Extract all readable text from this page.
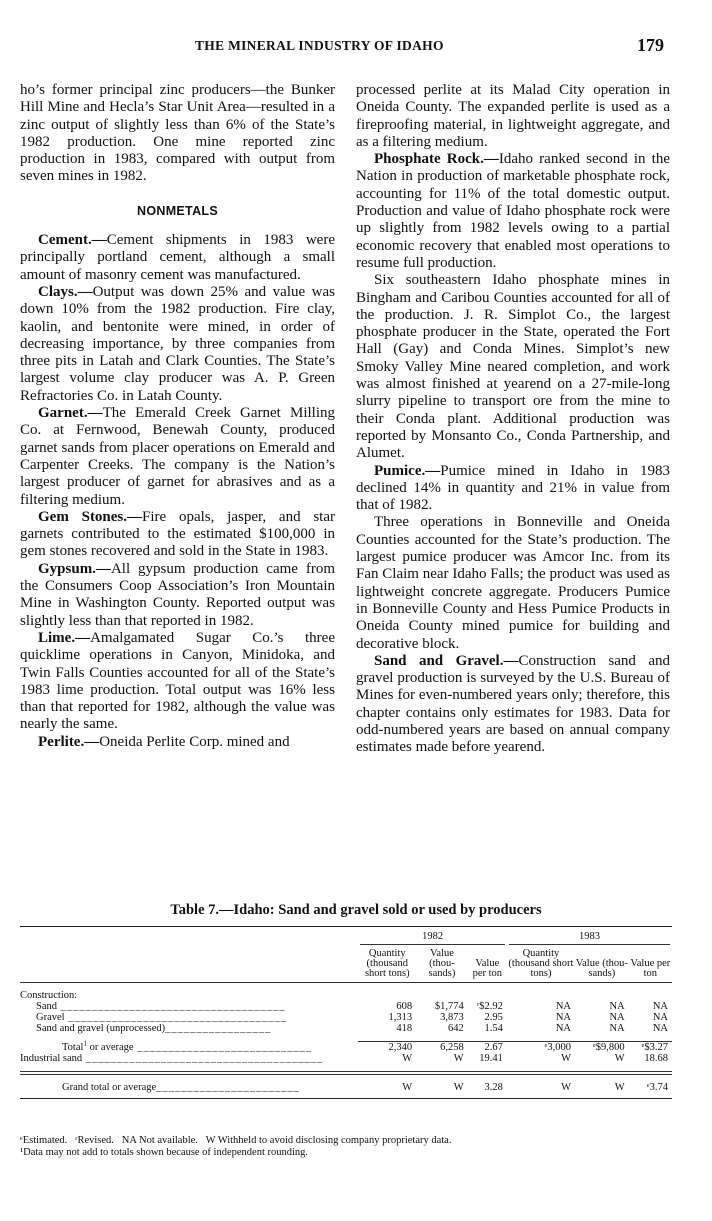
THE MINERAL INDUSTRY OF IDAHO	179

ho’s former principal zinc producers—the Bunker Hill Mine and Hecla’s Star Unit Area—resulted in a zinc output of slightly less than 6% of the State’s 1982 production. One mine reported zinc production in 1983, compared with output from seven mines in 1982.

NONMETALS

Cement.—Cement shipments in 1983 were principally portland cement, although a small amount of masonry cement was manufactured.

Clays.—Output was down 25% and value was down 10% from the 1982 production. Fire clay, kaolin, and bentonite were mined, in order of decreasing importance, by three companies from three pits in Latah and Clark Counties. The State’s largest volume clay producer was A. P. Green Refractories Co. in Latah County.

Garnet.—The Emerald Creek Garnet Milling Co. at Fernwood, Benewah County, produced garnet sands from placer operations on Emerald and Carpenter Creeks. The company is the Nation’s largest producer of garnet for abrasives and as a filtering medium.

Gem Stones.—Fire opals, jasper, and star garnets contributed to the estimated $100,000 in gem stones recovered and sold in the State in 1983.

Gypsum.—All gypsum production came from the Consumers Coop Association’s Iron Mountain Mine in Washington County. Reported output was slightly less than that reported in 1982.

Lime.—Amalgamated Sugar Co.’s three quicklime operations in Canyon, Minidoka, and Twin Falls Counties accounted for all of the State’s 1983 lime production. Total output was 16% less than that reported for 1982, although the value was nearly the same.

Perlite.—Oneida Perlite Corp. mined and

processed perlite at its Malad City operation in Oneida County. The expanded perlite is used as a fireproofing material, in lightweight aggregate, and as a filtering medium.

Phosphate Rock.—Idaho ranked second in the Nation in production of marketable phosphate rock, accounting for 11% of the total domestic output. Production and value of Idaho phosphate rock were up slightly from 1982 levels owing to a partial economic recovery that enabled most operations to resume full production.

Six southeastern Idaho phosphate mines in Bingham and Caribou Counties accounted for all of the production. J. R. Simplot Co., the largest phosphate producer in the State, operated the Fort Hall (Gay) and Conda Mines. Simplot’s new Smoky Valley Mine neared completion, and work was almost finished at yearend on a 27-mile-long slurry pipeline to transport ore from the mine to their Conda plant. Additional production was reported by Monsanto Co., Conda Partnership, and Alumet.

Pumice.—Pumice mined in Idaho in 1983 declined 14% in quantity and 21% in value from that of 1982.

Three operations in Bonneville and Oneida Counties accounted for the State’s production. The largest pumice producer was Amcor Inc. from its Fan Claim near Idaho Falls; the product was used as lightweight concrete aggregate. Producers Pumice in Bonneville County and Hess Pumice Products in Oneida County mined pumice for building and decorative block.

Sand and Gravel.—Construction sand and gravel production is surveyed by the U.S. Bureau of Mines for even-numbered years only; therefore, this chapter contains only estimates for 1983. Data for odd-numbered years are based on annual company estimates made before yearend.

Table 7.—Idaho: Sand and gravel sold or used by producers

	1982			1983		

	Quantity (thousand short tons)	Value (thou-sands)	Value per ton	Quantity (thousand short tons)	Value (thou-sands)	Value per ton

Construction:						
Sand ____________________________________	608	$1,774	ʳ$2.92	NA	NA	NA
Gravel ___________________________________	1,313	3,873	2.95	NA	NA	NA
Sand and gravel (unprocessed)_________________	418	642	1.54	NA	NA	NA

Total$^1$ or average ____________________________	2,340	6,258	2.67	ᵉ3,000	ᵉ$9,800	ᵉ$3.27
Industrial sand ______________________________________	W	W	19.41	W	W	18.68

Grand total or average_______________________	W	W	3.28	W	W	ᵉ3.74

ᵉEstimated.   ʳRevised.   NA Not available.   W Withheld to avoid disclosing company proprietary data.

¹Data may not add to totals shown because of independent rounding.
